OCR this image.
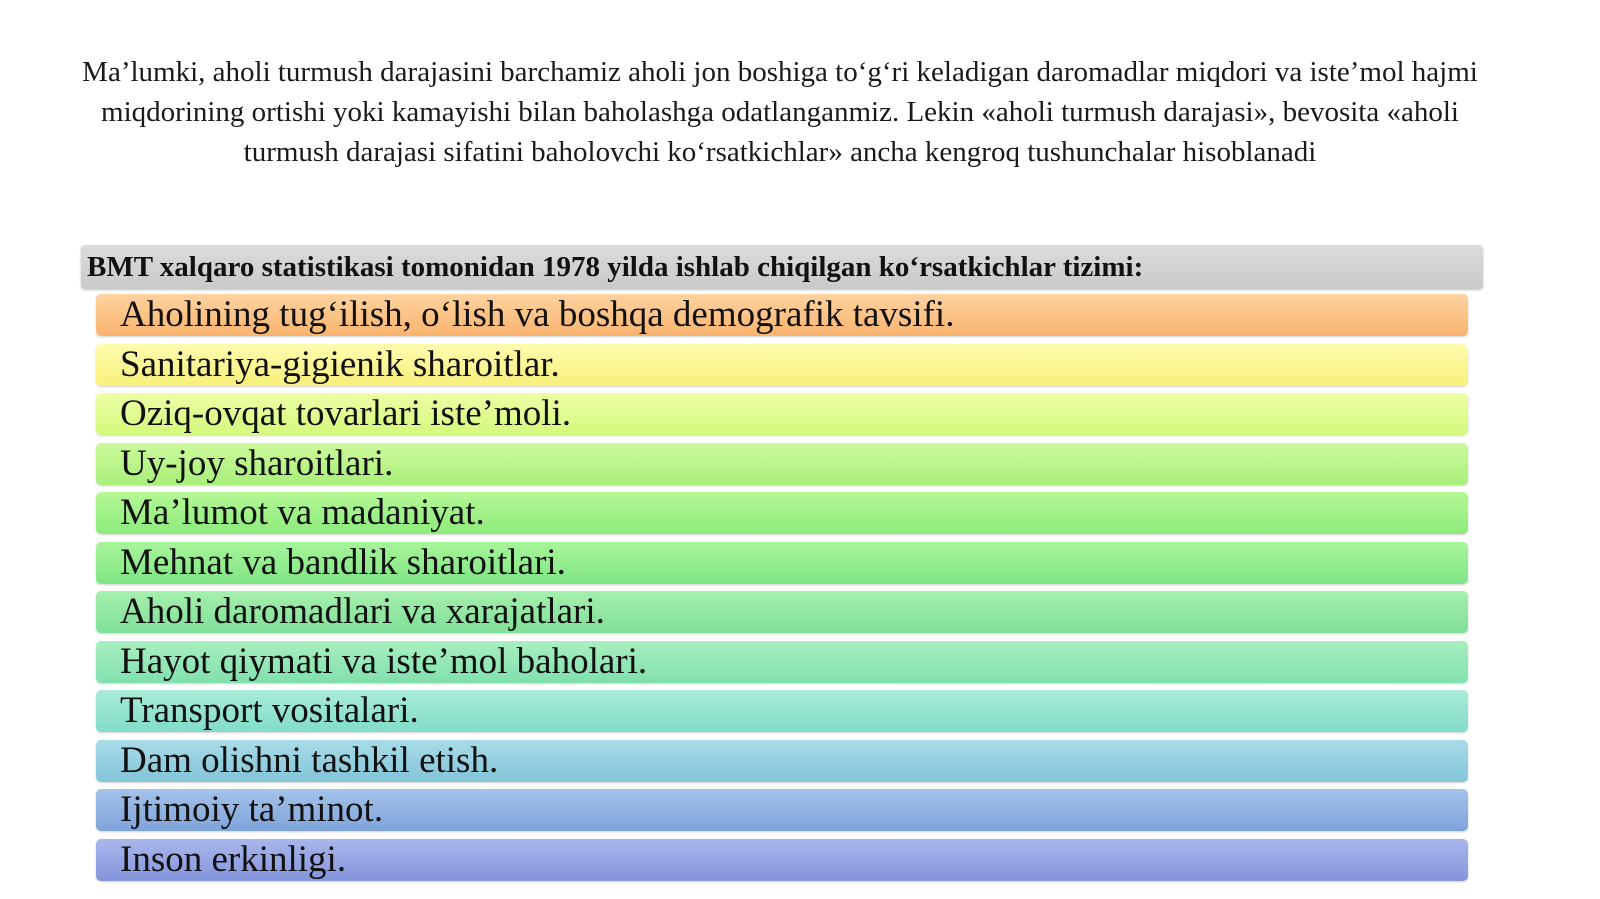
Ma’lumki, aholi turmush darajasini barchamiz aholi jon boshiga to‘g‘ri keladigan daromadlar miqdori va iste’mol hajmi miqdorining ortishi yoki kamayishi bilan baholashga odatlanganmiz. Lekin «aholi turmush darajasi», bevosita «aholi turmush darajasi sifatini baholovchi ko‘rsatkichlar» ancha kengroq tushunchalar hisoblanadi
BMT xalqaro statistikasi tomonidan 1978 yilda ishlab chiqilgan ko‘rsatkichlar tizimi:
Aholining tug‘ilish, o‘lish va boshqa demografik tavsifi.
Sanitariya-gigienik sharoitlar.
Oziq-ovqat tovarlari iste’moli.
Uy-joy sharoitlari.
Ma’lumot va madaniyat.
Mehnat va bandlik sharoitlari.
Aholi daromadlari va xarajatlari.
Hayot qiymati va iste’mol baholari.
Transport vositalari.
Dam olishni tashkil etish.
Ijtimoiy ta’minot.
Inson erkinligi.
